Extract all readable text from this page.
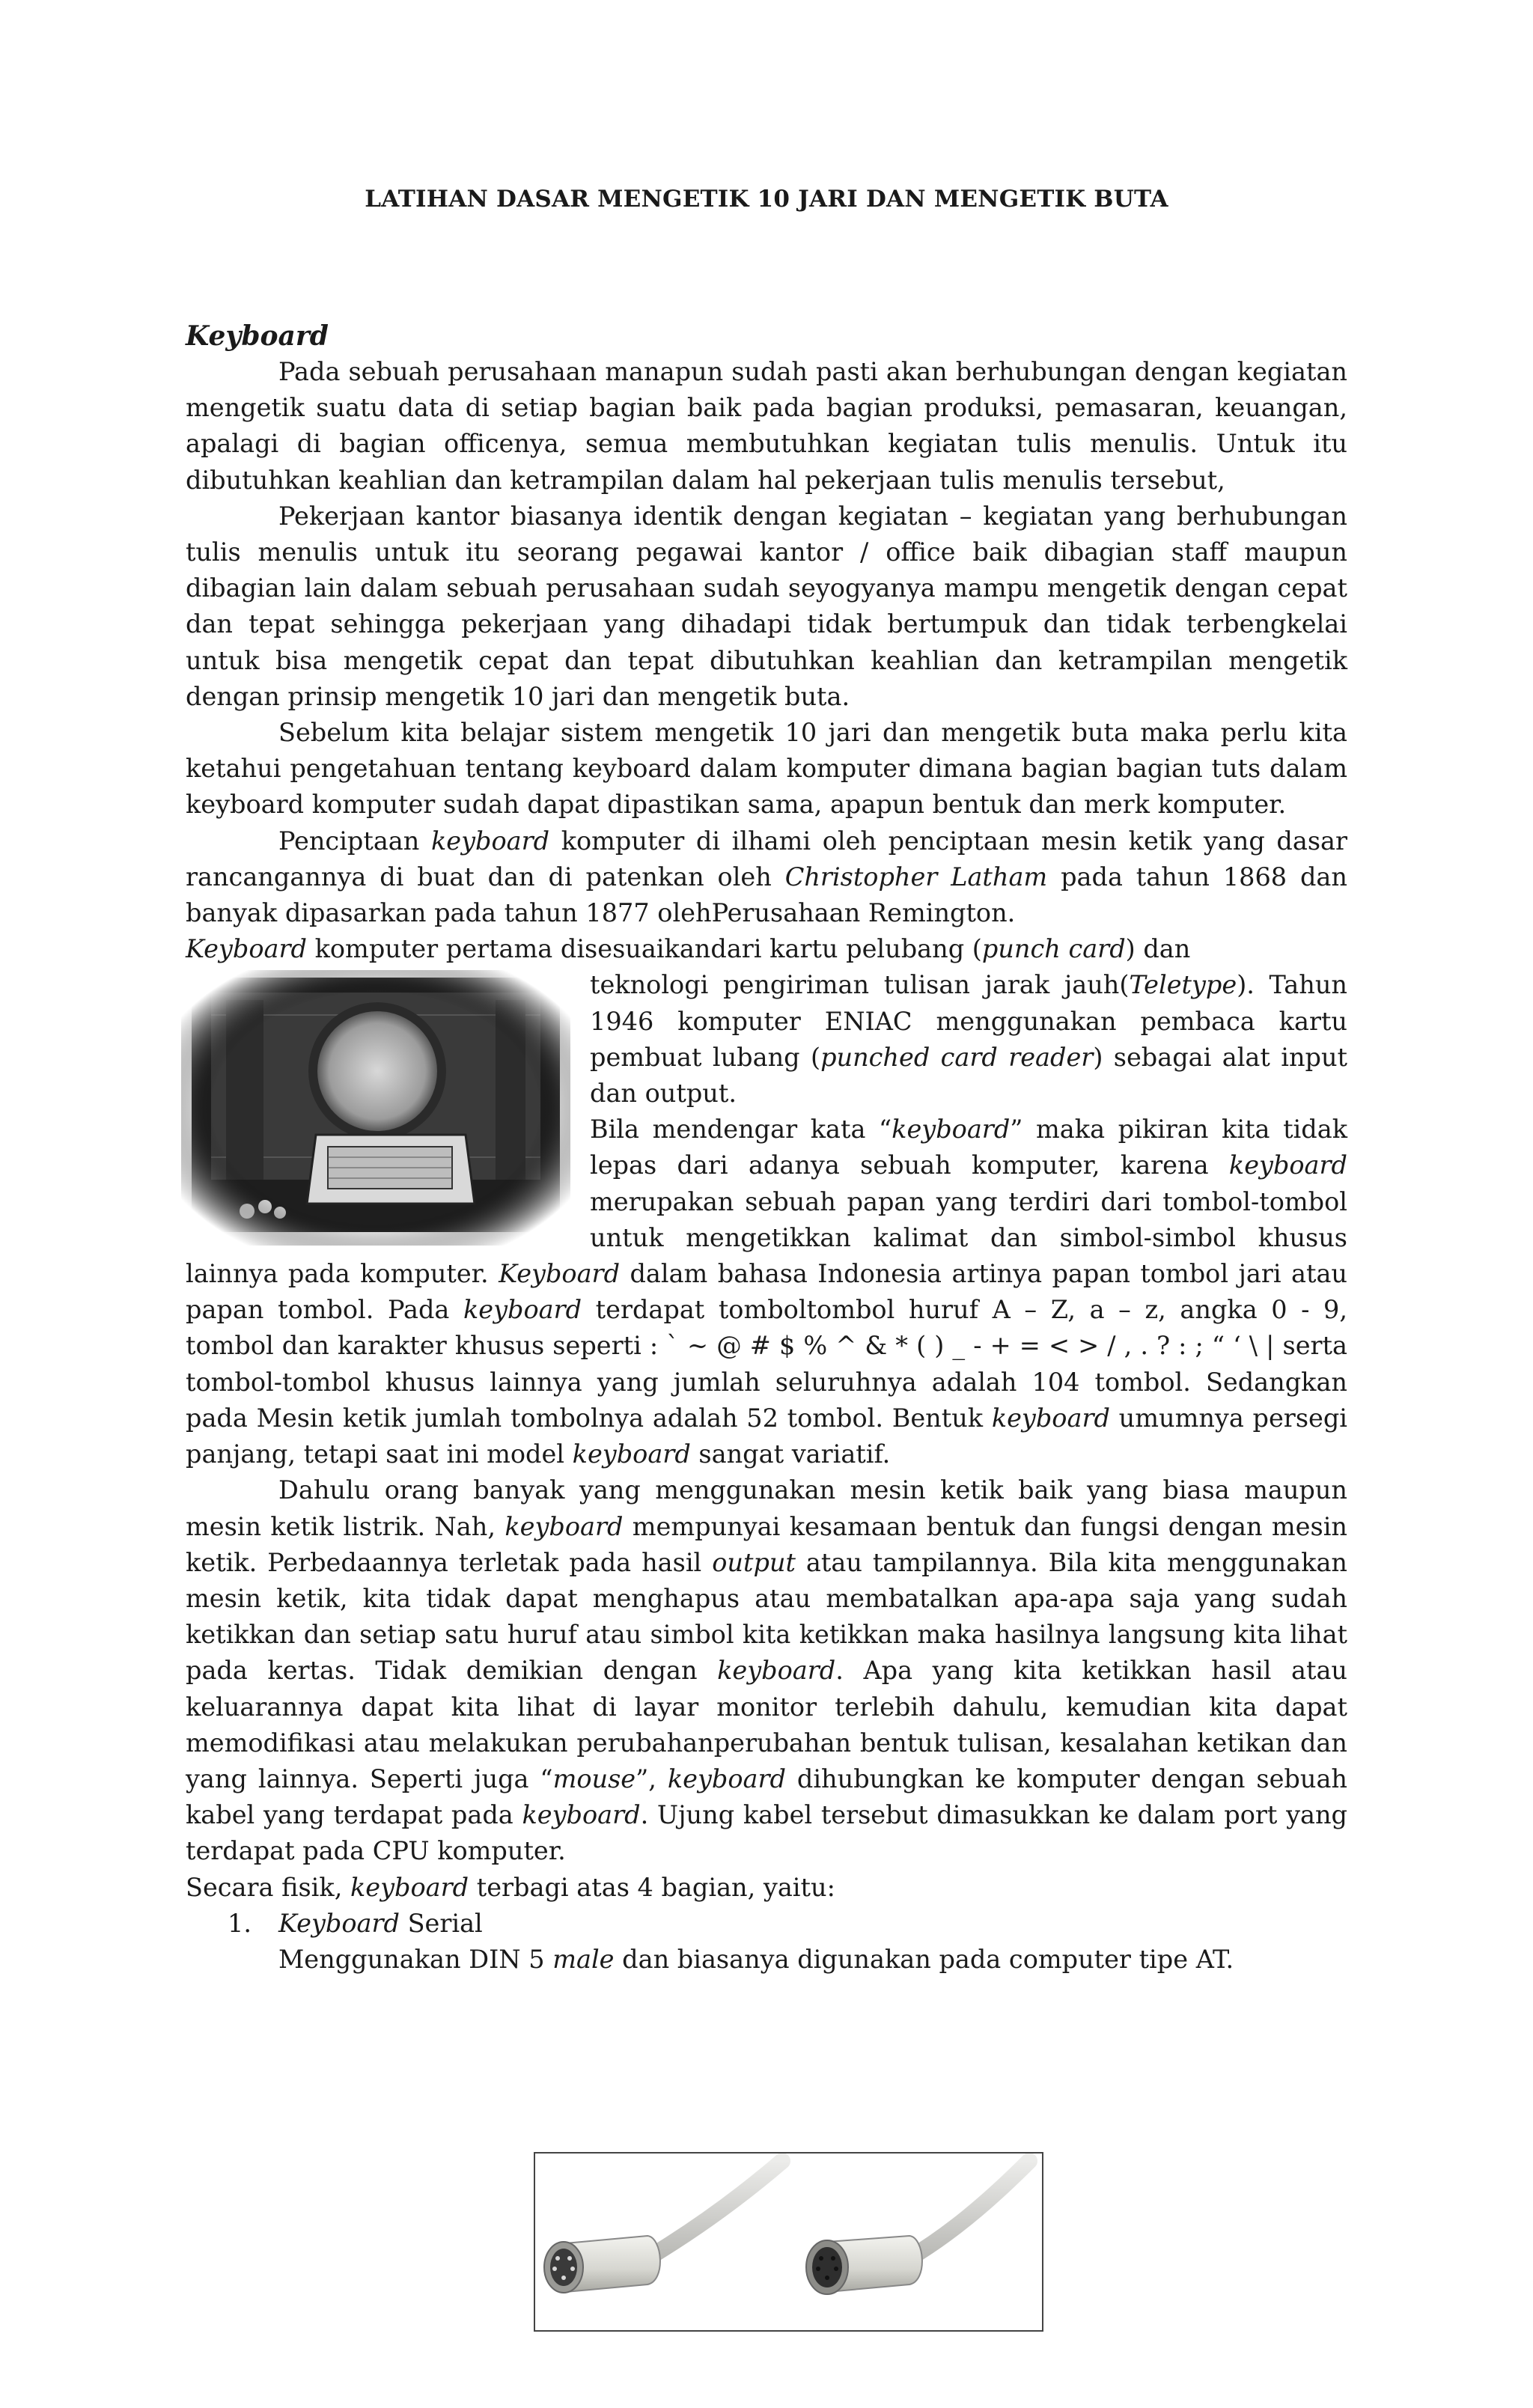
LATIHAN DASAR MENGETIK 10 JARI DAN MENGETIK BUTA

Keyboard

Pada sebuah perusahaan manapun sudah pasti akan berhubungan dengan kegiatan mengetik suatu data di setiap bagian baik pada bagian produksi, pemasaran, keuangan, apalagi di bagian officenya, semua membutuhkan kegiatan tulis menulis. Untuk itu dibutuhkan keahlian dan ketrampilan dalam hal pekerjaan tulis menulis tersebut,

Pekerjaan kantor biasanya identik dengan kegiatan – kegiatan yang berhubungan tulis menulis untuk itu seorang pegawai kantor / office baik dibagian staff maupun dibagian lain dalam sebuah perusahaan sudah seyogyanya mampu mengetik dengan cepat dan tepat sehingga pekerjaan yang dihadapi tidak bertumpuk dan tidak terbengkelai untuk bisa mengetik cepat dan tepat dibutuhkan keahlian dan ketrampilan mengetik dengan prinsip mengetik 10 jari dan mengetik buta.

Sebelum kita belajar sistem mengetik 10 jari dan mengetik buta maka perlu kita ketahui pengetahuan tentang keyboard dalam komputer dimana bagian bagian tuts dalam keyboard komputer sudah dapat dipastikan sama, apapun bentuk dan merk komputer.

Penciptaan keyboard komputer di ilhami oleh penciptaan mesin ketik yang dasar rancangannya di buat dan di patenkan oleh Christopher Latham pada tahun 1868 dan banyak dipasarkan pada tahun 1877 olehPerusahaan Remington.

Keyboard komputer pertama disesuaikandari kartu pelubang (punch card) dan

teknologi pengiriman tulisan jarak jauh(Teletype). Tahun 1946 komputer ENIAC menggunakan pembaca kartu pembuat lubang (punched card reader) sebagai alat input dan output.

Bila mendengar kata “keyboard” maka pikiran kita tidak lepas dari adanya sebuah komputer, karena keyboard merupakan sebuah papan yang terdiri dari tombol-tombol untuk mengetikkan kalimat dan simbol-simbol khusus lainnya pada komputer. Keyboard dalam bahasa Indonesia artinya papan tombol jari atau papan tombol. Pada keyboard terdapat tomboltombol huruf A – Z, a – z, angka 0 - 9, tombol dan karakter khusus seperti : ` ~ @ # $ % ^ & * ( ) _ - + = < > / , . ? : ; “ ‘ \ | serta tombol-tombol khusus lainnya yang jumlah seluruhnya adalah 104 tombol. Sedangkan pada Mesin ketik jumlah tombolnya adalah 52 tombol. Bentuk keyboard umumnya persegi panjang, tetapi saat ini model keyboard sangat variatif.

Dahulu orang banyak yang menggunakan mesin ketik baik yang biasa maupun mesin ketik listrik. Nah, keyboard mempunyai kesamaan bentuk dan fungsi dengan mesin ketik. Perbedaannya terletak pada hasil output atau tampilannya. Bila kita menggunakan mesin ketik, kita tidak dapat menghapus atau membatalkan apa-apa saja yang sudah ketikkan dan setiap satu huruf atau simbol kita ketikkan maka hasilnya langsung kita lihat pada kertas. Tidak demikian dengan keyboard. Apa yang kita ketikkan hasil atau keluarannya dapat kita lihat di layar monitor terlebih dahulu, kemudian kita dapat memodifikasi atau melakukan perubahanperubahan bentuk tulisan, kesalahan ketikan dan yang lainnya. Seperti juga “mouse”, keyboard dihubungkan ke komputer dengan sebuah kabel yang terdapat pada keyboard. Ujung kabel tersebut dimasukkan ke dalam port yang terdapat pada CPU komputer.

Secara fisik, keyboard terbagi atas 4 bagian, yaitu:

1. Keyboard Serial
Menggunakan DIN 5 male dan biasanya digunakan pada computer tipe AT.
